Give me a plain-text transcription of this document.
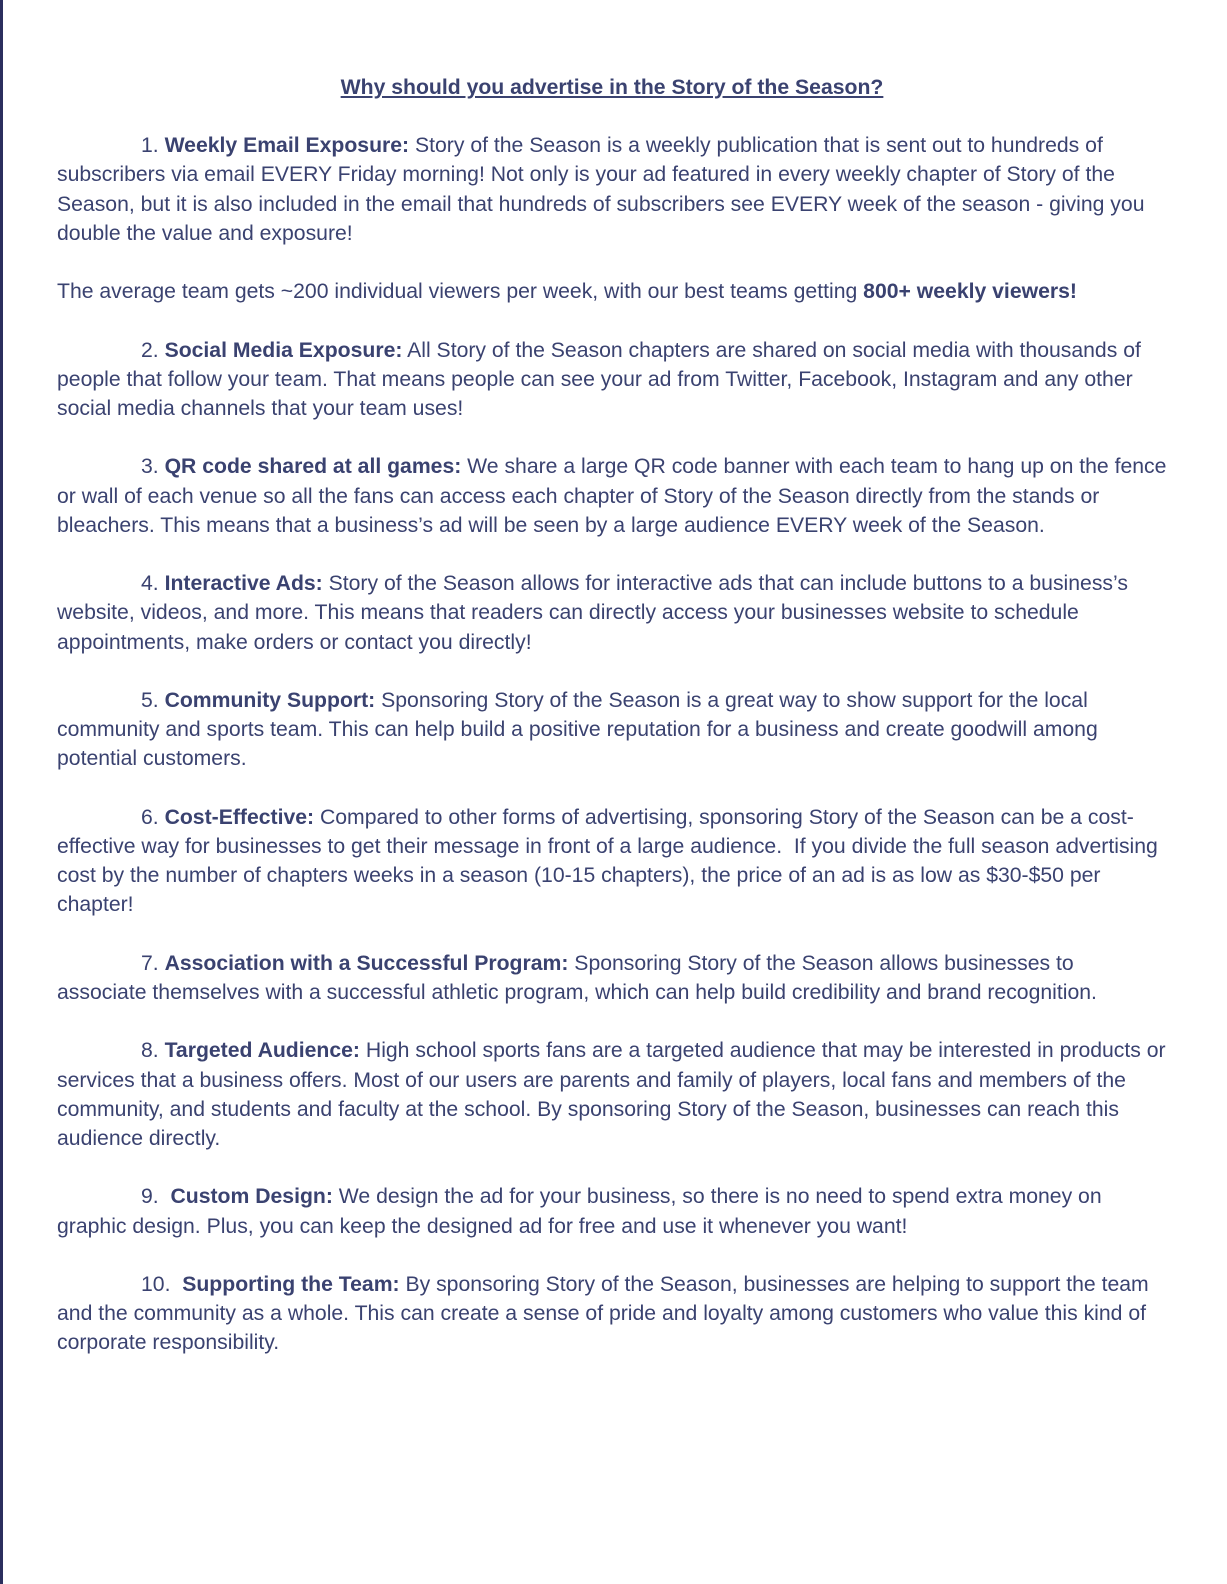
Why should you advertise in the Story of the Season?
1. Weekly Email Exposure: Story of the Season is a weekly publication that is sent out to hundreds of subscribers via email EVERY Friday morning! Not only is your ad featured in every weekly chapter of Story of the Season, but it is also included in the email that hundreds of subscribers see EVERY week of the season - giving you double the value and exposure!
The average team gets ~200 individual viewers per week, with our best teams getting 800+ weekly viewers!
2. Social Media Exposure: All Story of the Season chapters are shared on social media with thousands of people that follow your team. That means people can see your ad from Twitter, Facebook, Instagram and any other social media channels that your team uses!
3. QR code shared at all games: We share a large QR code banner with each team to hang up on the fence or wall of each venue so all the fans can access each chapter of Story of the Season directly from the stands or bleachers. This means that a business’s ad will be seen by a large audience EVERY week of the Season.
4. Interactive Ads: Story of the Season allows for interactive ads that can include buttons to a business’s website, videos, and more. This means that readers can directly access your businesses website to schedule appointments, make orders or contact you directly!
5. Community Support: Sponsoring Story of the Season is a great way to show support for the local community and sports team. This can help build a positive reputation for a business and create goodwill among potential customers.
6. Cost-Effective: Compared to other forms of advertising, sponsoring Story of the Season can be a cost-effective way for businesses to get their message in front of a large audience.  If you divide the full season advertising cost by the number of chapters weeks in a season (10-15 chapters), the price of an ad is as low as $30-$50 per chapter!
7. Association with a Successful Program: Sponsoring Story of the Season allows businesses to associate themselves with a successful athletic program, which can help build credibility and brand recognition.
8. Targeted Audience: High school sports fans are a targeted audience that may be interested in products or services that a business offers. Most of our users are parents and family of players, local fans and members of the community, and students and faculty at the school. By sponsoring Story of the Season, businesses can reach this audience directly.
9.  Custom Design: We design the ad for your business, so there is no need to spend extra money on graphic design. Plus, you can keep the designed ad for free and use it whenever you want!
10.  Supporting the Team: By sponsoring Story of the Season, businesses are helping to support the team and the community as a whole. This can create a sense of pride and loyalty among customers who value this kind of corporate responsibility.
